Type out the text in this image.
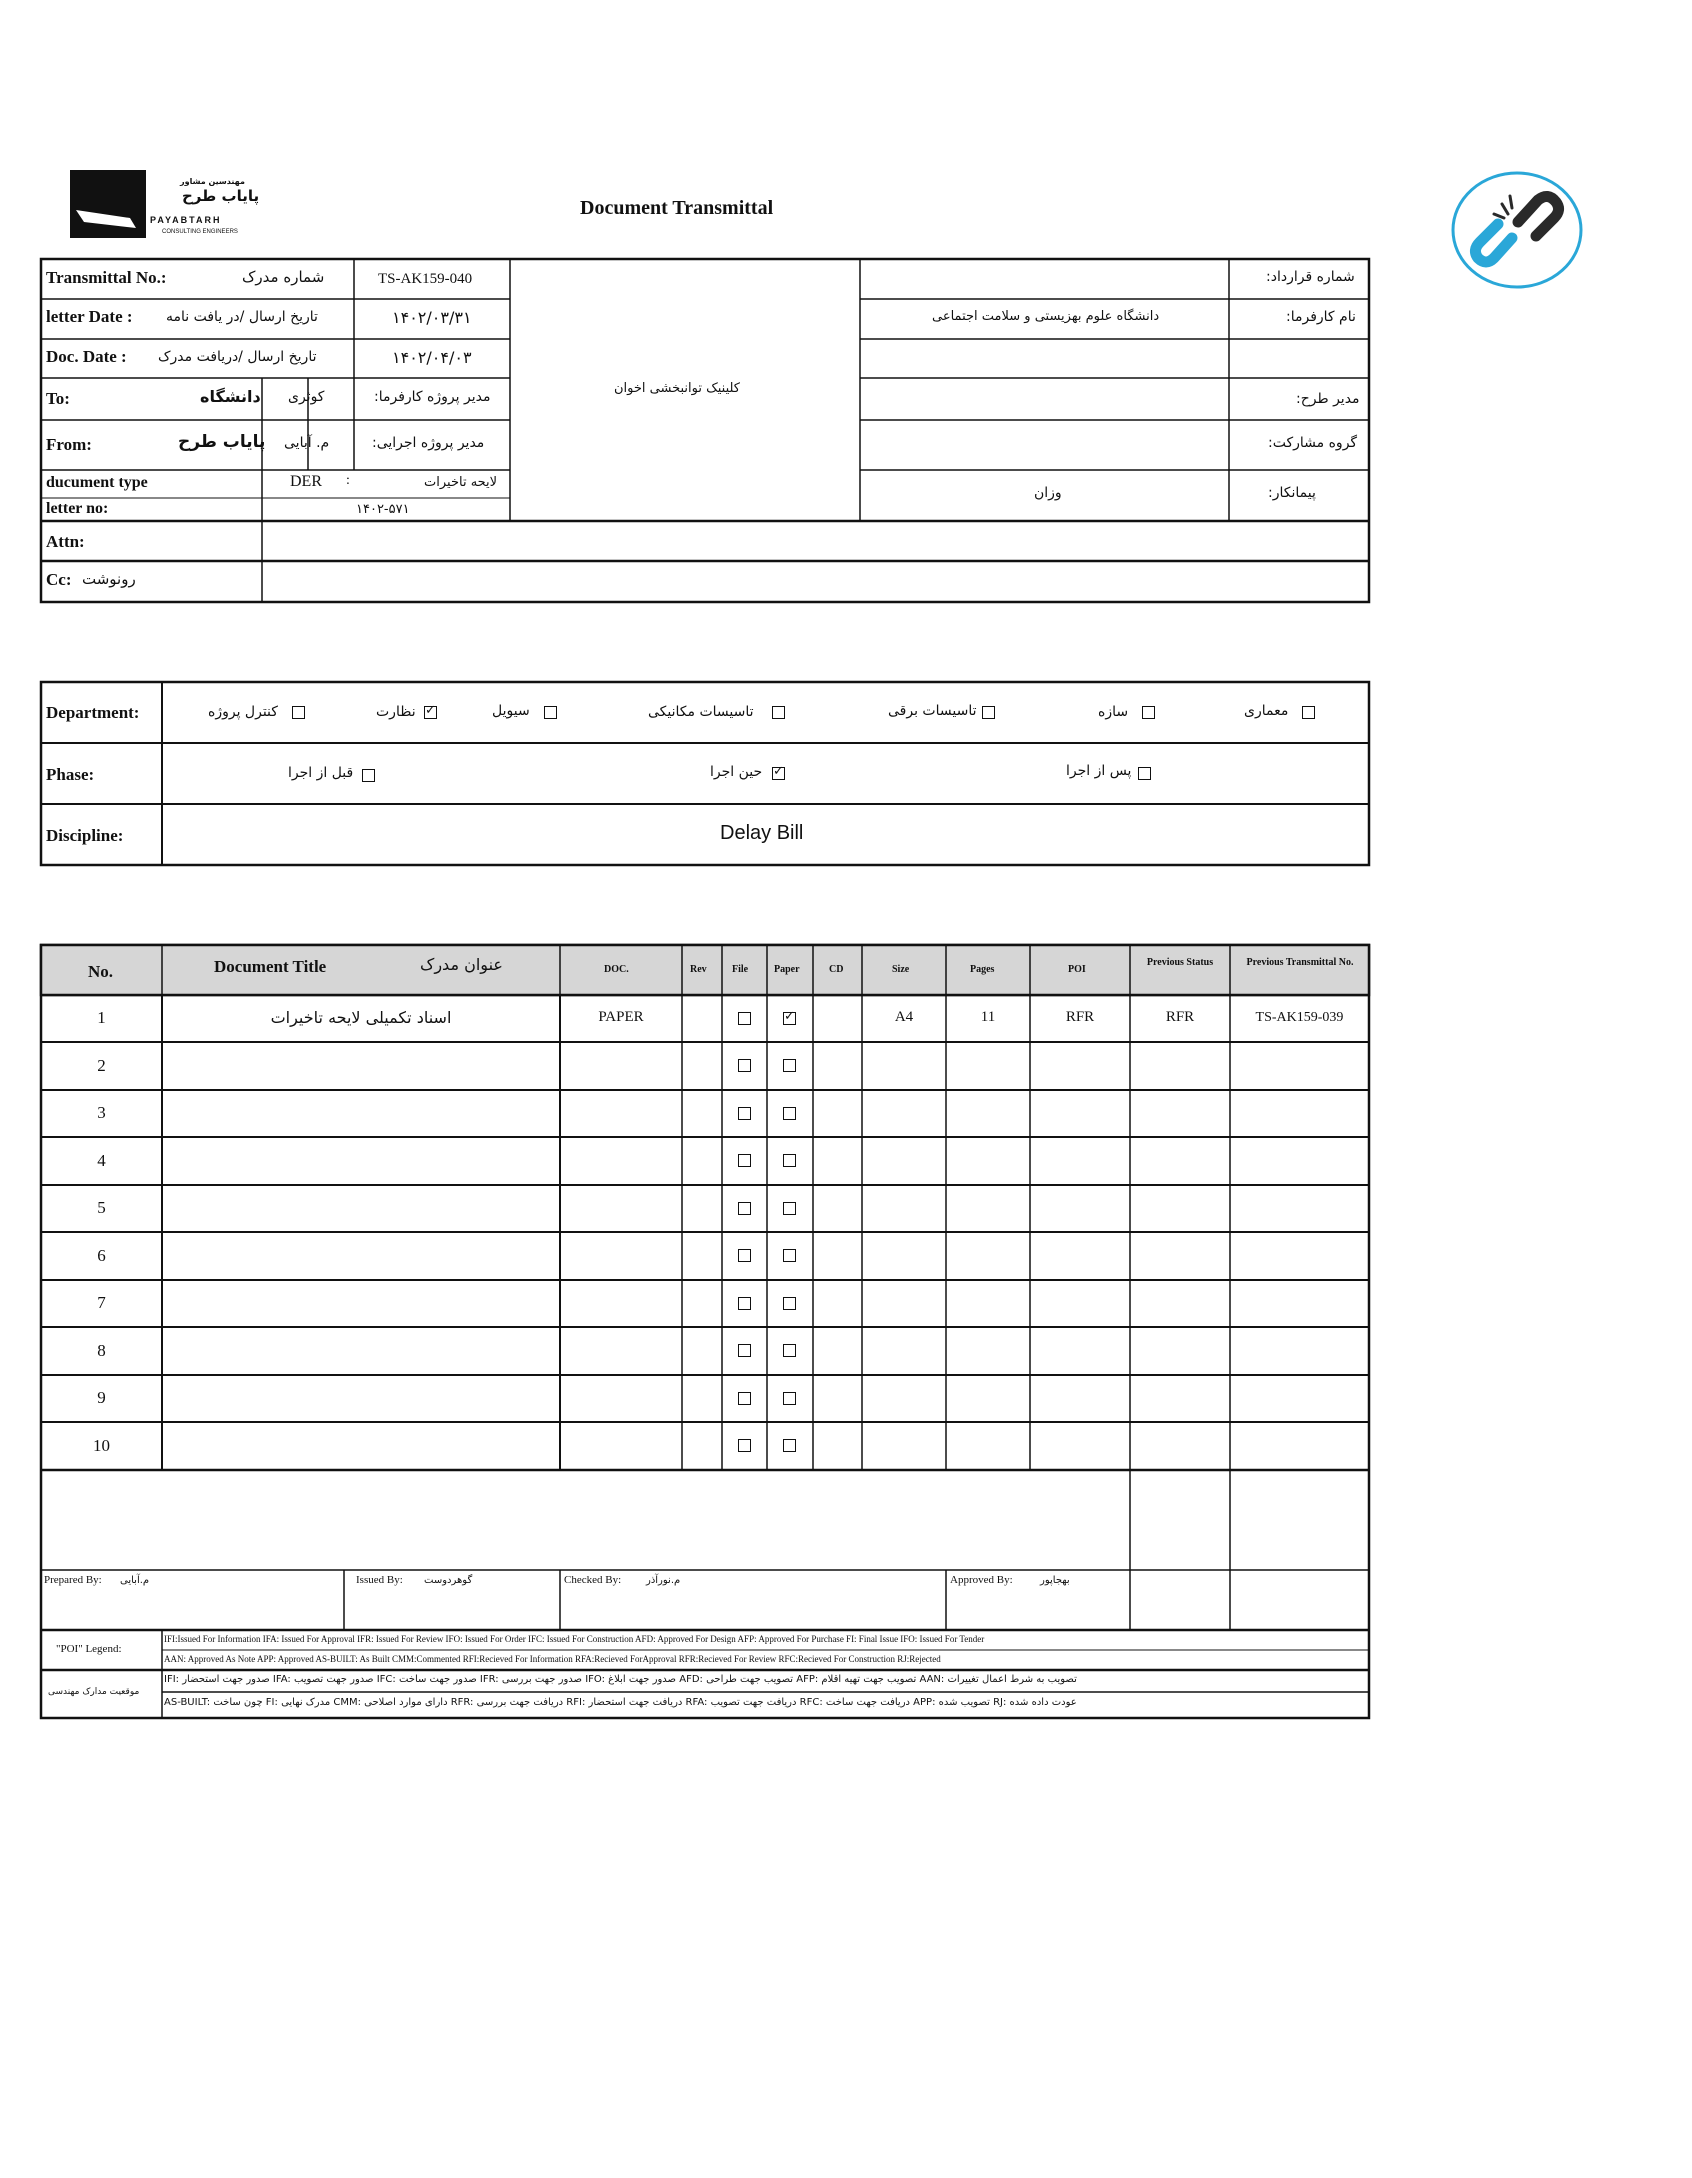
مهندسین مشاور
پایاب طرح
PAYABTARH
CONSULTING ENGINEERS
Document Transmittal
Transmittal No.:	شماره مدرک	TS-AK159-040
letter Date : تاریخ ارسال /در یافت نامه	۱۴۰۲/۰۳/۳۱
Doc. Date : تاریخ ارسال /دریافت مدرک	۱۴۰۲/۰۴/۰۳
To:	دانشگاه کوثری	مدیر پروژه کارفرما:
From:	پایاب طرح م. آبایی	مدیر پروژه اجرایی:
ducument type	DER :	لایحه تاخیرات
letter no:	۱۴۰۲-۵۷۱
کلینیک توانبخشی اخوان
شماره قرارداد:
نام کارفرما:
دانشگاه علوم بهزیستی و سلامت اجتماعی
مدیر طرح:
گروه مشارکت:
پیمانکار:
وزان
Attn:
Cc: رونوشت
Department:	معماری
سازه
تاسیسات برقی
تاسیسات مکانیکی
سیویل
نظارت
✓
کنترل پروژه
Phase:	پس از اجرا
حین اجرا
✓
قبل از اجرا
Discipline:	Delay Bill
No.	Document Title	عنوان مدرک	DOC.	Rev	File	Paper	CD	Size	Pages	POI
Previous Status	Previous Transmittal No.
1	اسناد تکمیلی لایحه تاخیرات	PAPER
✓	A4	11	RFR	RFR	TS-AK159-039
2
3
4
5
6
7
8
9
10
Prepared By: م.آبایی	Issued By: گوهردوست	Checked By: م.نورآذر	Approved By:	بهجاپور
"POI" Legend:
IFI:Issued For Information IFA: Issued For Approval IFR: Issued For Review IFO: Issued For Order IFC: Issued For Construction AFD: Approved For Design AFP: Approved For Purchase FI: Final Issue IFO: Issued For Tender
AAN: Approved As Note APP: Approved AS-BUILT: As Built CMM:Commented RFI:Recieved For Information RFA:Recieved ForApproval RFR:Recieved For Review RFC:Recieved For Construction RJ:Rejected
موقعیت مدارک مهندسی
IFI: صدور جهت استحضار IFA: صدور جهت تصویب IFC: صدور جهت ساخت IFR: صدور جهت بررسی IFO: صدور جهت ابلاغ AFD: تصویب جهت طراحی AFP: تصویب جهت تهیه اقلام AAN: تصویب به شرط اعمال تغییرات
AS-BUILT: چون ساخت FI: مدرک نهایی CMM: دارای موارد اصلاحی RFR: دریافت جهت بررسی RFI: دریافت جهت استحضار RFA: دریافت جهت تصویب RFC: دریافت جهت ساخت APP: تصویب شده RJ: عودت داده شده
